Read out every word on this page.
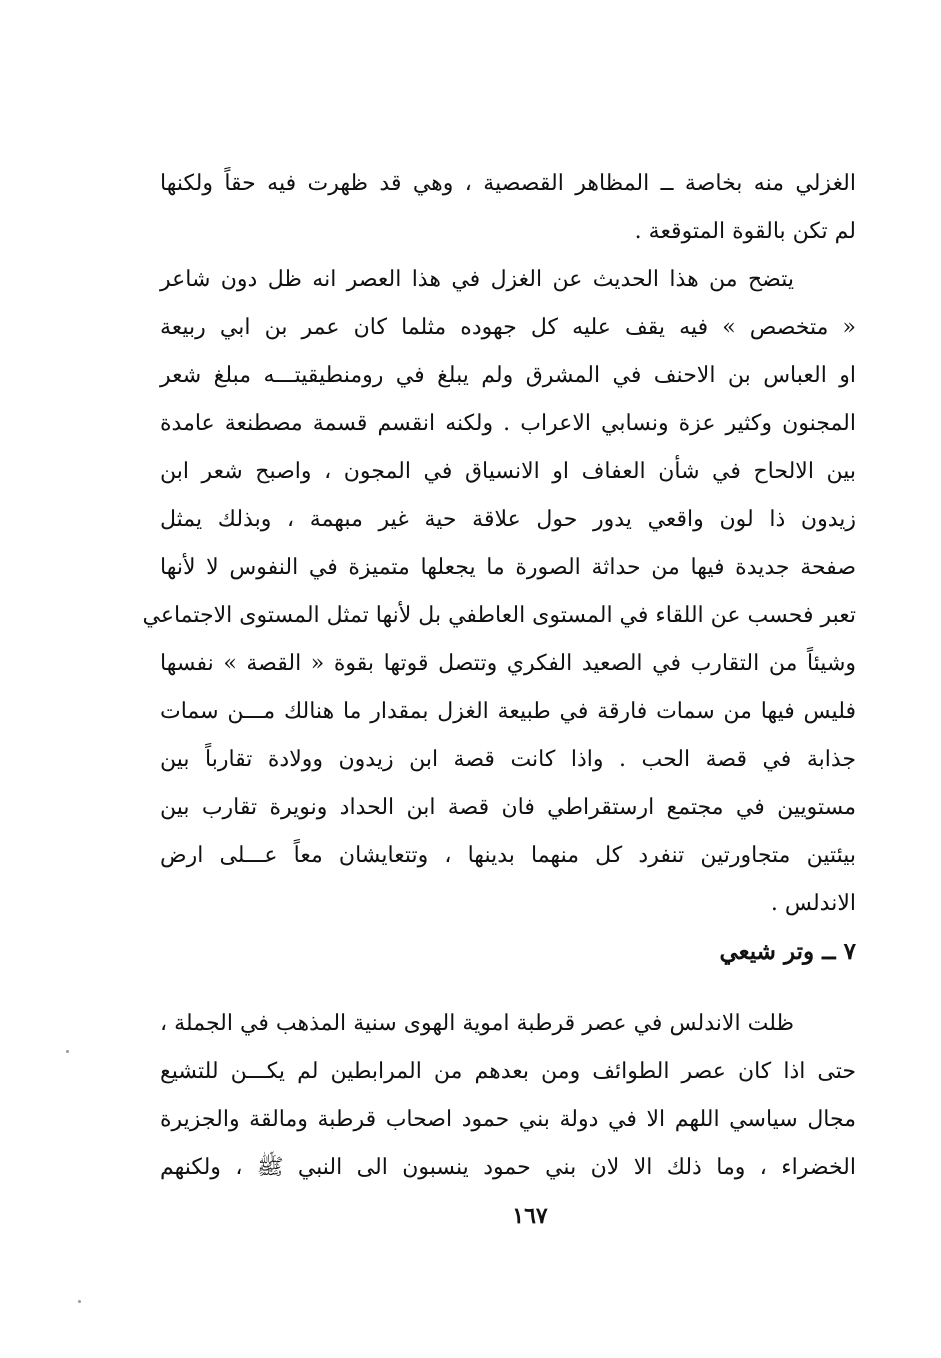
الغزلي منه بخاصة ــ المظاهر القصصية ، وهي قد ظهرت فيه حقاً ولكنها
لم تكن بالقوة المتوقعة .
يتضح من هذا الحديث عن الغزل في هذا العصر انه ظل دون شاعر
« متخصص » فيه يقف عليه كل جهوده مثلما كان عمر بن ابي ربيعة
او العباس بن الاحنف في المشرق ولم يبلغ في رومنطيقيتـــه مبلغ شعر
المجنون وكثير عزة ونسابي الاعراب . ولكنه انقسم قسمة مصطنعة عامدة
بين الالحاح في شأن العفاف او الانسياق في المجون ، واصبح شعر ابن
زيدون ذا لون واقعي يدور حول علاقة حية غير مبهمة ، وبذلك يمثل
صفحة جديدة فيها من حداثة الصورة ما يجعلها متميزة في النفوس لا لأنها
تعبر فحسب عن اللقاء في المستوى العاطفي بل لأنها تمثل المستوى الاجتماعي
وشيئاً من التقارب في الصعيد الفكري وتتصل قوتها بقوة « القصة » نفسها
فليس فيها من سمات فارقة في طبيعة الغزل بمقدار ما هنالك مـــن سمات
جذابة في قصة الحب . واذا كانت قصة ابن زيدون وولادة تقارباً بين
مستويين في مجتمع ارستقراطي فان قصة ابن الحداد ونويرة تقارب بين
بيئتين متجاورتين تنفرد كل منهما بدينها ، وتتعايشان معاً عـــلى ارض
الاندلس .
٧ ــ وتر شيعي
ظلت الاندلس في عصر قرطبة اموية الهوى سنية المذهب في الجملة ،
حتى اذا كان عصر الطوائف ومن بعدهم من المرابطين لم يكـــن للتشيع
مجال سياسي اللهم الا في دولة بني حمود اصحاب قرطبة ومالقة والجزيرة
الخضراء ، وما ذلك الا لان بني حمود ينسبون الى النبي ﷺ ، ولكنهم
١٦٧
